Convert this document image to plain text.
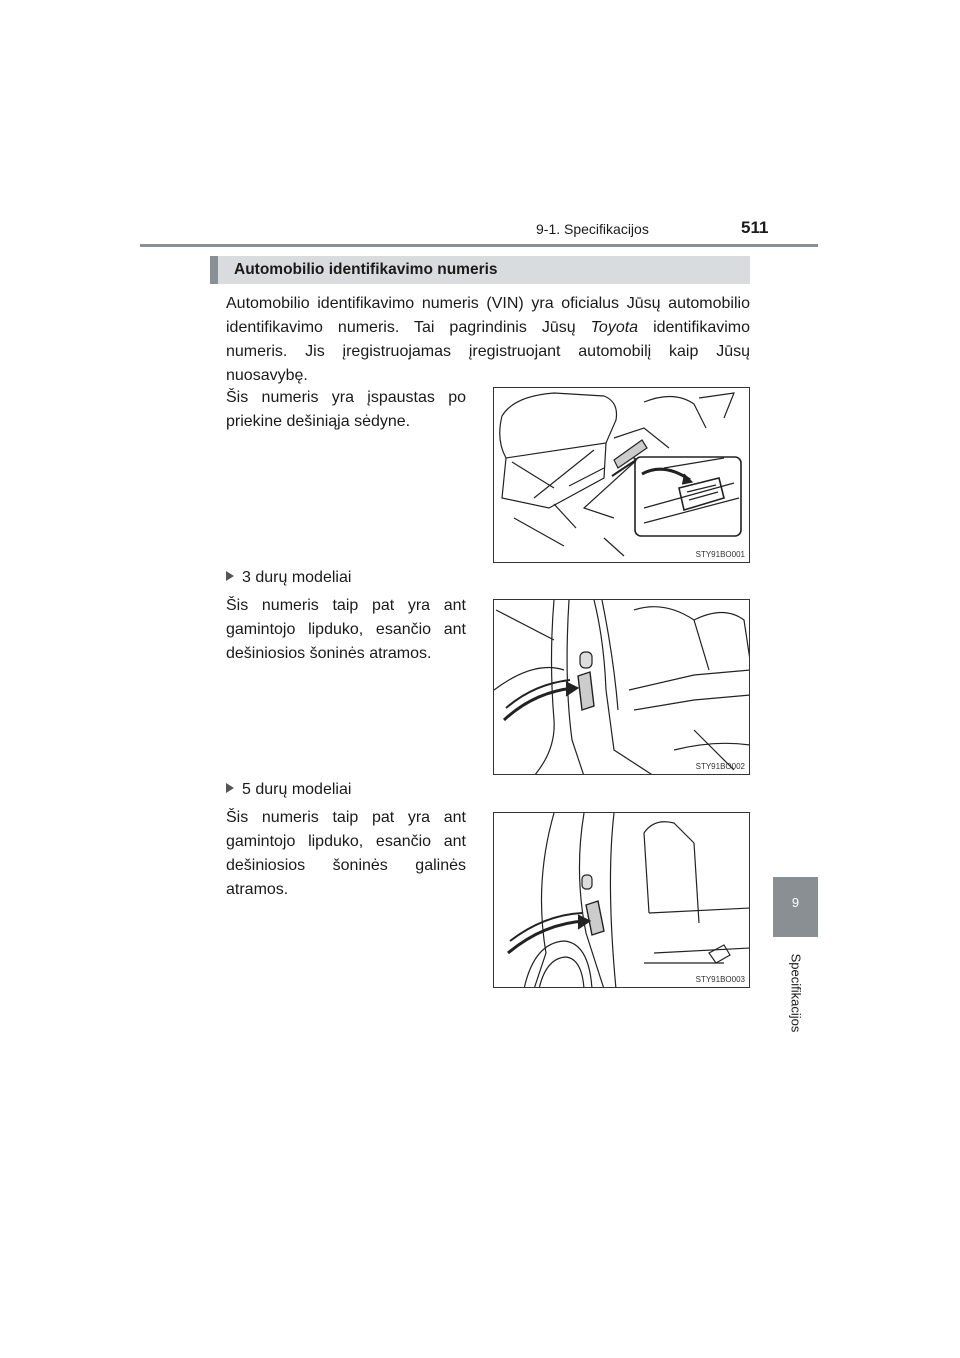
9-1. Specifikacijos	511
Automobilio identifikavimo numeris

Automobilio identifikavimo numeris (VIN) yra oficialus Jūsų automobilio identifikavimo numeris. Tai pagrindinis Jūsų Toyota identifikavimo numeris. Jis įregistruojamas įregistruojant automobilį kaip Jūsų nuosavybę.

Šis numeris yra įspaustas po priekine dešiniąja sėdyne.

STY91BO001
3 durų modeliai

Šis numeris taip pat yra ant gamintojo lipduko, esančio ant dešiniosios šoninės atramos.

STY91BO002
5 durų modeliai

Šis numeris taip pat yra ant gamintojo lipduko, esančio ant dešiniosios šoninės galinės atramos.

STY91BO003
9
Specifikacijos
